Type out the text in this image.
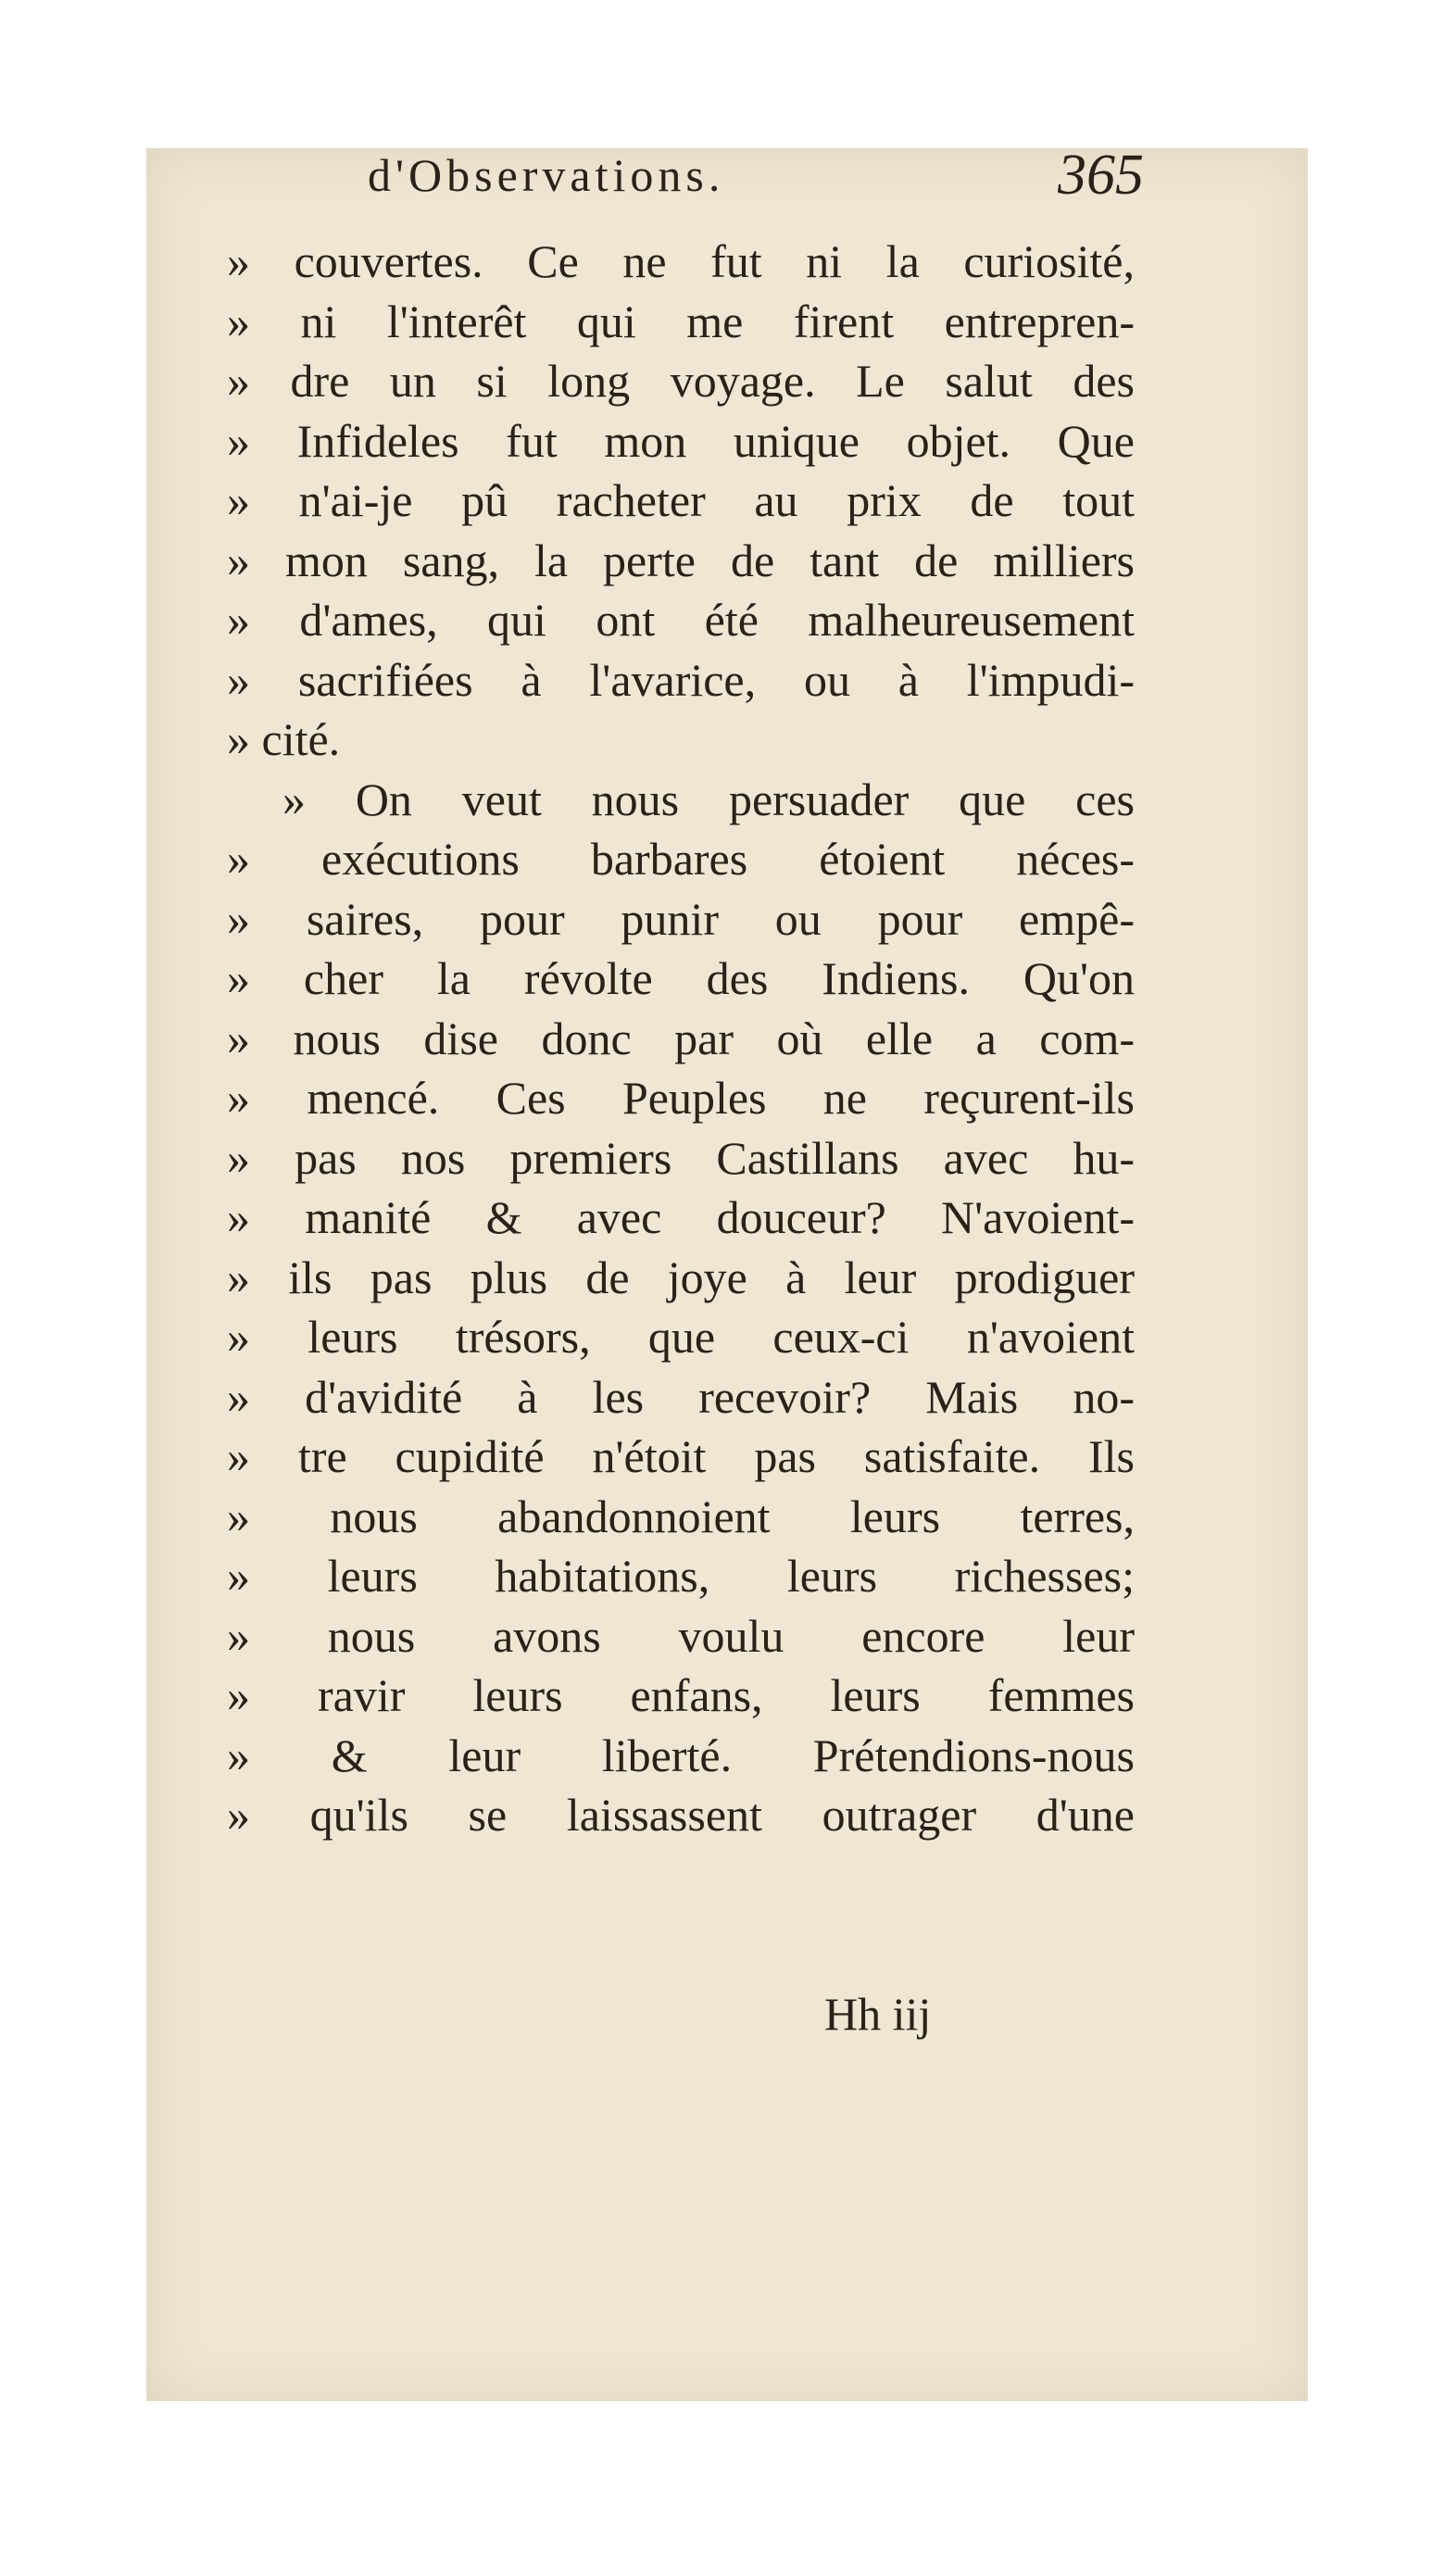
d'Observations.	365
» couvertes. Ce ne fut ni la curiosité,
» ni l'interêt qui me firent entrepren-
» dre un si long voyage. Le salut des
» Infideles fut mon unique objet. Que
» n'ai-je pû racheter au prix de tout
» mon sang, la perte de tant de milliers
» d'ames, qui ont été malheureusement
» sacrifiées à l'avarice, ou à l'impudi-
» cité.
» On veut nous persuader que ces
» exécutions barbares étoient néces-
» saires, pour punir ou pour empê-
» cher la révolte des Indiens. Qu'on
» nous dise donc par où elle a com-
» mencé. Ces Peuples ne reçurent-ils
» pas nos premiers Castillans avec hu-
» manité & avec douceur? N'avoient-
» ils pas plus de joye à leur prodiguer
» leurs trésors, que ceux-ci n'avoient
» d'avidité à les recevoir? Mais no-
» tre cupidité n'étoit pas satisfaite. Ils
» nous abandonnoient leurs terres,
» leurs habitations, leurs richesses;
» nous avons voulu encore leur
» ravir leurs enfans, leurs femmes
» & leur liberté. Prétendions-nous
» qu'ils se laissassent outrager d'une
Hh iij
